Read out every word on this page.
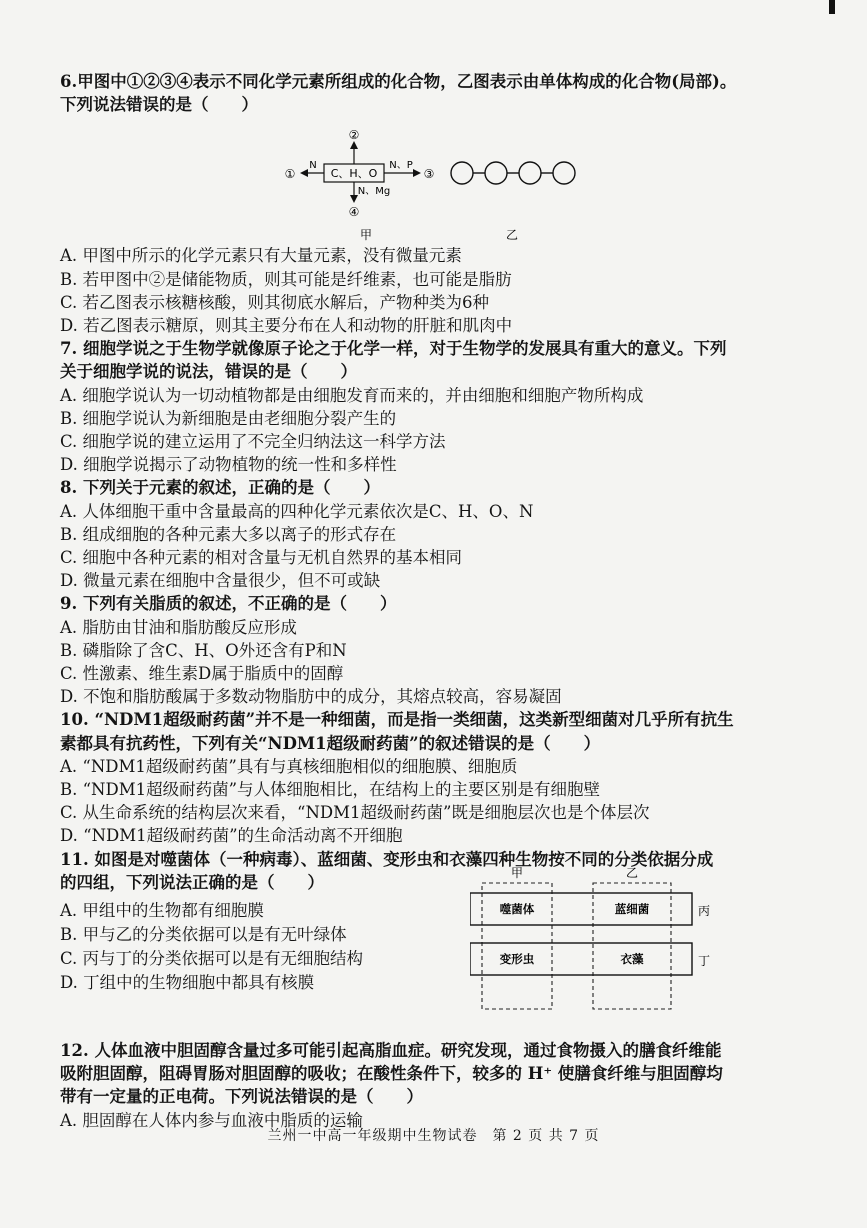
6.甲图中①②③④表示不同化学元素所组成的化合物，乙图表示由单体构成的化合物(局部)。
下列说法错误的是（　　）
C、H、O
②
N
①
N、P
③
N、Mg
④
甲	乙
A. 甲图中所示的化学元素只有大量元素，没有微量元素
B. 若甲图中②是储能物质，则其可能是纤维素，也可能是脂肪
C. 若乙图表示核糖核酸，则其彻底水解后，产物种类为6种
D. 若乙图表示糖原，则其主要分布在人和动物的肝脏和肌肉中
7. 细胞学说之于生物学就像原子论之于化学一样，对于生物学的发展具有重大的意义。下列
关于细胞学说的说法，错误的是（　　）
A. 细胞学说认为一切动植物都是由细胞发育而来的，并由细胞和细胞产物所构成
B. 细胞学说认为新细胞是由老细胞分裂产生的
C. 细胞学说的建立运用了不完全归纳法这一科学方法
D. 细胞学说揭示了动物植物的统一性和多样性
8. 下列关于元素的叙述，正确的是（　　）
A. 人体细胞干重中含量最高的四种化学元素依次是C、H、O、N
B. 组成细胞的各种元素大多以离子的形式存在
C. 细胞中各种元素的相对含量与无机自然界的基本相同
D. 微量元素在细胞中含量很少，但不可或缺
9. 下列有关脂质的叙述，不正确的是（　　）
A. 脂肪由甘油和脂肪酸反应形成
B. 磷脂除了含C、H、O外还含有P和N
C. 性激素、维生素D属于脂质中的固醇
D. 不饱和脂肪酸属于多数动物脂肪中的成分，其熔点较高，容易凝固
10. “NDM1超级耐药菌”并不是一种细菌，而是指一类细菌，这类新型细菌对几乎所有抗生
素都具有抗药性，下列有关“NDM1超级耐药菌”的叙述错误的是（　　）
A. “NDM1超级耐药菌”具有与真核细胞相似的细胞膜、细胞质
B. “NDM1超级耐药菌”与人体细胞相比，在结构上的主要区别是有细胞壁
C. 从生命系统的结构层次来看，“NDM1超级耐药菌”既是细胞层次也是个体层次
D. “NDM1超级耐药菌”的生命活动离不开细胞
11. 如图是对噬菌体（一种病毒）、蓝细菌、变形虫和衣藻四种生物按不同的分类依据分成
的四组，下列说法正确的是（　　）
A. 甲组中的生物都有细胞膜
B. 甲与乙的分类依据可以是有无叶绿体
C. 丙与丁的分类依据可以是有无细胞结构
D. 丁组中的生物细胞中都具有核膜
甲	乙
噬菌体	蓝细菌
变形虫	衣藻
丙
丁
12. 人体血液中胆固醇含量过多可能引起高脂血症。研究发现，通过食物摄入的膳食纤维能
吸附胆固醇，阻碍胃肠对胆固醇的吸收；在酸性条件下，较多的 H⁺ 使膳食纤维与胆固醇均
带有一定量的正电荷。下列说法错误的是（　　）
A. 胆固醇在人体内参与血液中脂质的运输
兰州一中高一年级期中生物试卷　第 2 页 共 7 页
